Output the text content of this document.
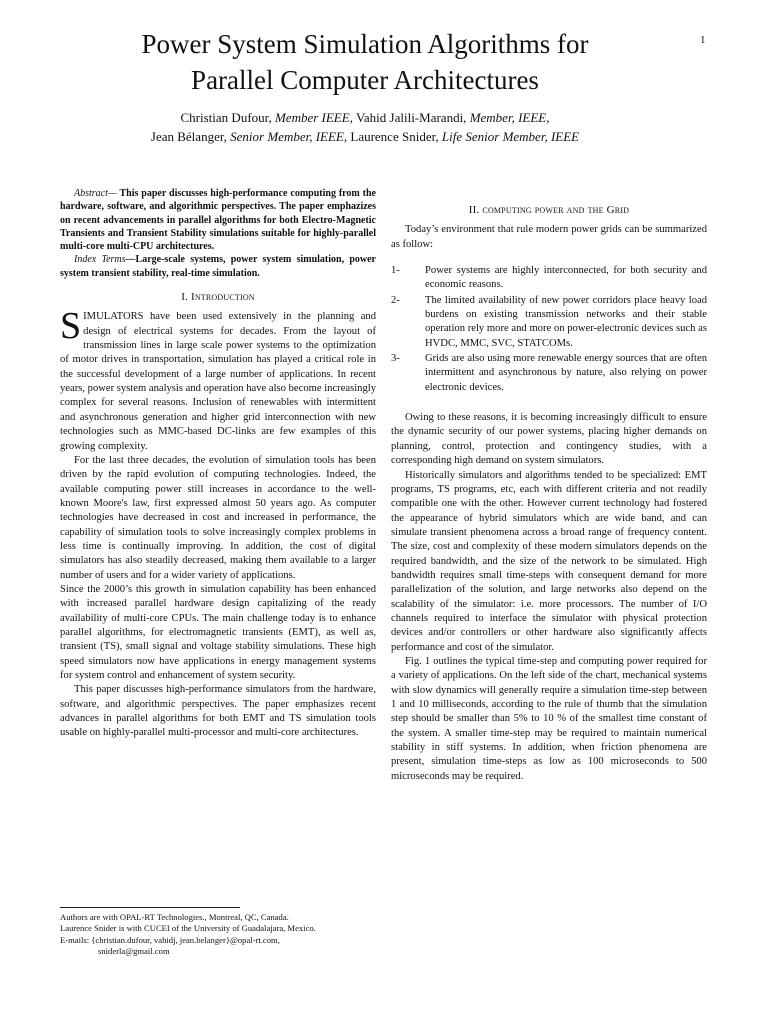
1
Power System Simulation Algorithms for
Parallel Computer Architectures
Christian Dufour, Member IEEE, Vahid Jalili-Marandi, Member, IEEE,
Jean Bélanger, Senior Member, IEEE, Laurence Snider, Life Senior Member, IEEE

Abstract— This paper discusses high-performance computing from the hardware, software, and algorithmic perspectives. The paper emphazizes on recent advancements in parallel algorithms for both Electro-Magnetic Transients and Transient Stability simulations suitable for highly-parallel multi-core multi-CPU architectures.

Index Terms—Large-scale systems, power system simulation, power system transient stability, real-time simulation.

I. Introduction

SIMULATORS have been used extensively in the planning and design of electrical systems for decades. From the layout of transmission lines in large scale power systems to the optimization of motor drives in transportation, simulation has played a critical role in the successful development of a large number of applications. In recent years, power system analysis and operation have also become increasingly complex for several reasons. Inclusion of renewables with intermittent and asynchronous generation and higher grid interconnection with new technologies such as MMC-based DC-links are few examples of this growing complexity.

For the last three decades, the evolution of simulation tools has been driven by the rapid evolution of computing technologies. Indeed, the available computing power still increases in accordance to the well-known Moore's law, first expressed almost 50 years ago. As computer technologies have decreased in cost and increased in performance, the capability of simulation tools to solve increasingly complex problems in less time is continually improving. In addition, the cost of digital simulators has also steadily decreased, making them available to a larger number of users and for a wider variety of applications.

Since the 2000’s this growth in simulation capability has been enhanced with increased parallel hardware design capitalizing of the ready availability of multi-core CPUs. The main challenge today is to enhance parallel algorithms, for electromagnetic transients (EMT), as well as, transient (TS), small signal and voltage stability simulations. These high speed simulators now have applications in energy management systems for system control and enhancement of system security.

This paper discusses high-performance simulators from the hardware, software, and algorithmic perspectives. The paper emphasizes recent advances in parallel algorithms for both EMT and TS simulation tools usable on highly-parallel multi-processor and multi-core architectures.

II. computing power and the Grid

Today’s environment that rule modern power grids can be summarized as follow:

1-	Power systems are highly interconnected, for both security and economic reasons.
2-	The limited availability of new power corridors place heavy load burdens on existing transmission networks and their stable operation rely more and more on power-electronic devices such as HVDC, MMC, SVC, STATCOMs.
3-	Grids are also using more renewable energy sources that are often intermittent and asynchronous by nature, also relying on power electronic devices.

Owing to these reasons, it is becoming increasingly difficult to ensure the dynamic security of our power systems, placing higher demands on planning, control, protection and contingency studies, with a corresponding high demand on system simulators.

Historically simulators and algorithms tended to be specialized: EMT programs, TS programs, etc, each with different criteria and not readily compatible one with the other. However current technology had fostered the appearance of hybrid simulators which are wide band, and can simulate transient phenomena across a broad range of frequency content. The size, cost and complexity of these modern simulators depends on the required bandwidth, and the size of the network to be simulated. High bandwidth requires small time-steps with consequent demand for more parallelization of the solution, and large networks also depend on the scalability of the simulator: i.e. more processors. The number of I/O channels required to interface the simulator with physical protection devices and/or controllers or other hardware also significantly affects performance and cost of the simulator.

Fig. 1 outlines the typical time-step and computing power required for a variety of applications. On the left side of the chart, mechanical systems with slow dynamics will generally require a simulation time-step between 1 and 10 milliseconds, according to the rule of thumb that the simulation step should be smaller than 5% to 10 % of the smallest time constant of the system. A smaller time-step may be required to maintain numerical stability in stiff systems. In addition, when friction phenomena are present, simulation time-steps as low as 100 microseconds to 500 microseconds may be required.

Authors are with OPAL-RT Technologies., Montreal, QC, Canada.
Laurence Snider is with CUCEI of the University of Guadalajara, Mexico.
E-mails: {christian.dufour, vahidj, jean.belanger}@opal-rt.com,
sniderla@gmail.com
